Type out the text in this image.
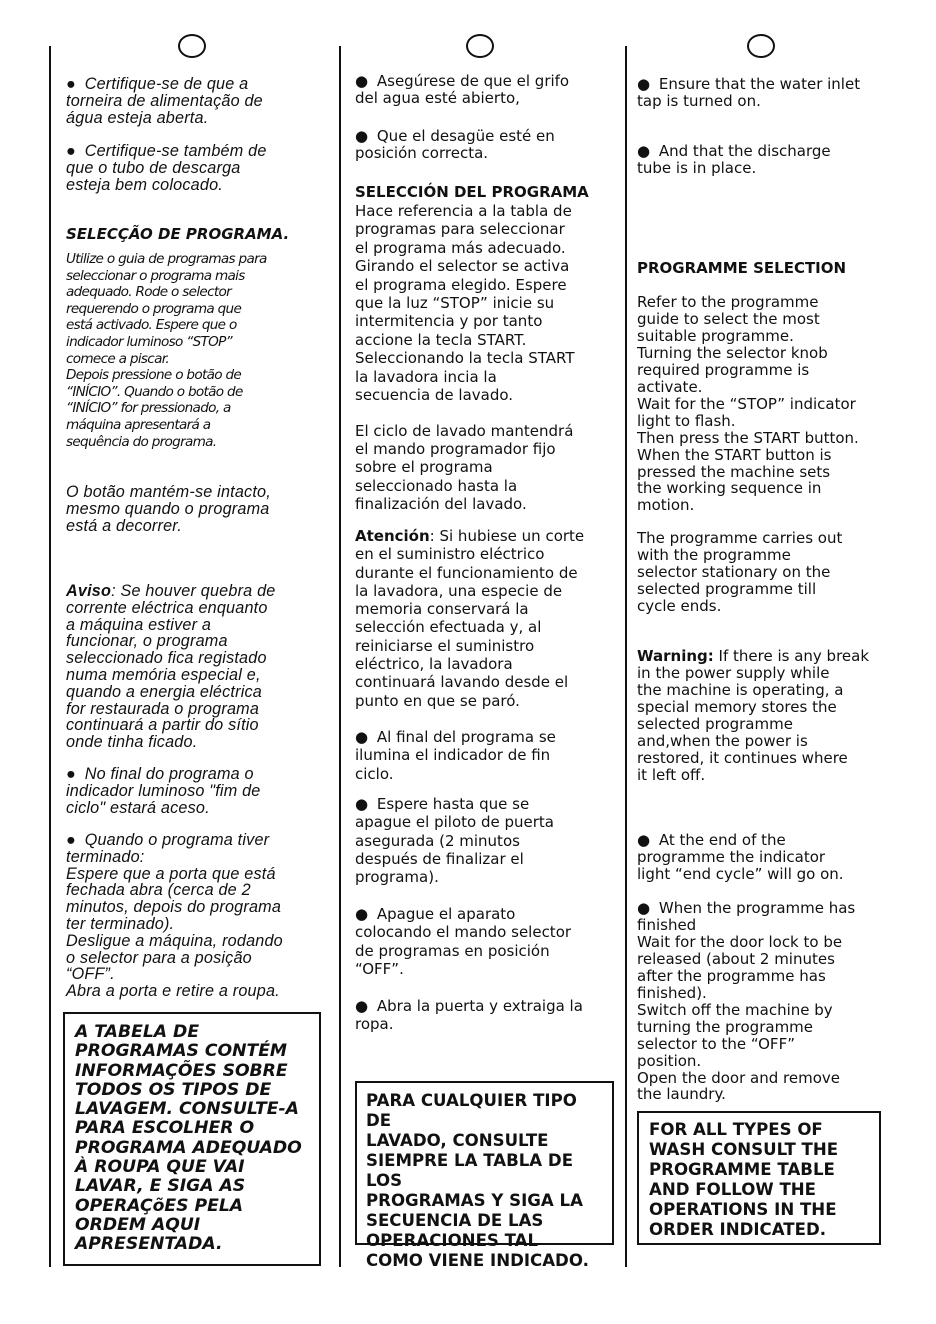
● Certifique-se de que a
torneira de alimentação de
água esteja aberta.

● Certifique-se também de
que o tubo de descarga
esteja bem colocado.

SELECÇÃO DE PROGRAMA.

Utilize o guia de programas para
seleccionar o programa mais
adequado. Rode o selector
requerendo o programa que
está activado. Espere que o
indicador luminoso “STOP”
comece a piscar.
Depois pressione o botão de
“INÍCIO”. Quando o botão de
“INÍCIO” for pressionado, a
máquina apresentará a
sequência do programa.

O botão mantém-se intacto,
mesmo quando o programa
está a decorrer.

Aviso: Se houver quebra de
corrente eléctrica enquanto
a máquina estiver a
funcionar, o programa
seleccionado fica registado
numa memória especial e,
quando a energia eléctrica
for restaurada o programa
continuará a partir do sítio
onde tinha ficado.

● No final do programa o
indicador luminoso "fim de
ciclo" estará aceso.

● Quando o programa tiver
terminado:
Espere que a porta que está
fechada abra (cerca de 2
minutos, depois do programa
ter terminado).
Desligue a máquina, rodando
o selector para a posição
“OFF”.
Abra a porta e retire a roupa.

A TABELA DE
PROGRAMAS CONTÉM
INFORMAÇÕES SOBRE
TODOS OS TIPOS DE
LAVAGEM. CONSULTE-A
PARA ESCOLHER O
PROGRAMA ADEQUADO
À ROUPA QUE VAI
LAVAR, E SIGA AS
OPERAÇõES PELA
ORDEM AQUI
APRESENTADA.

● Asegúrese de que el grifo
del agua esté abierto,

● Que el desagüe esté en
posición correcta.

SELECCIÓN DEL PROGRAMA

Hace referencia a la tabla de
programas para seleccionar
el programa más adecuado.
Girando el selector se activa
el programa elegido. Espere
que la luz “STOP” inicie su
intermitencia y por tanto
accione la tecla START.
Seleccionando la tecla START
la lavadora incia la
secuencia de lavado.

El ciclo de lavado mantendrá
el mando programador fijo
sobre el programa
seleccionado hasta la
finalización del lavado.

Atención: Si hubiese un corte
en el suministro eléctrico
durante el funcionamiento de
la lavadora, una especie de
memoria conservará la
selección efectuada y, al
reiniciarse el suministro
eléctrico, la lavadora
continuará lavando desde el
punto en que se paró.

● Al final del programa se
ilumina el indicador de fin
ciclo.

● Espere hasta que se
apague el piloto de puerta
asegurada (2 minutos
después de finalizar el
programa).

● Apague el aparato
colocando el mando selector
de programas en posición
“OFF”.

● Abra la puerta y extraiga la
ropa.

PARA CUALQUIER TIPO DE
LAVADO, CONSULTE
SIEMPRE LA TABLA DE LOS
PROGRAMAS Y SIGA LA
SECUENCIA DE LAS
OPERACIONES TAL
COMO VIENE INDICADO.

● Ensure that the water inlet
tap is turned on.

● And that the discharge
tube is in place.

PROGRAMME SELECTION

Refer to the programme
guide to select the most
suitable programme.
Turning the selector knob
required programme is
activate.
Wait for the “STOP” indicator
light to flash.
Then press the START button.
When the START button is
pressed the machine sets
the working sequence in
motion.

The programme carries out
with the programme
selector stationary on the
selected programme till
cycle ends.

Warning: If there is any break
in the power supply while
the machine is operating, a
special memory stores the
selected programme
and,when the power is
restored, it continues where
it left off.

● At the end of the
programme the indicator
light “end cycle” will go on.

● When the programme has
finished
Wait for the door lock to be
released (about 2 minutes
after the programme has
finished).
Switch off the machine by
turning the programme
selector to the “OFF”
position.
Open the door and remove
the laundry.

FOR ALL TYPES OF
WASH CONSULT THE
PROGRAMME TABLE
AND FOLLOW THE
OPERATIONS IN THE
ORDER INDICATED.
